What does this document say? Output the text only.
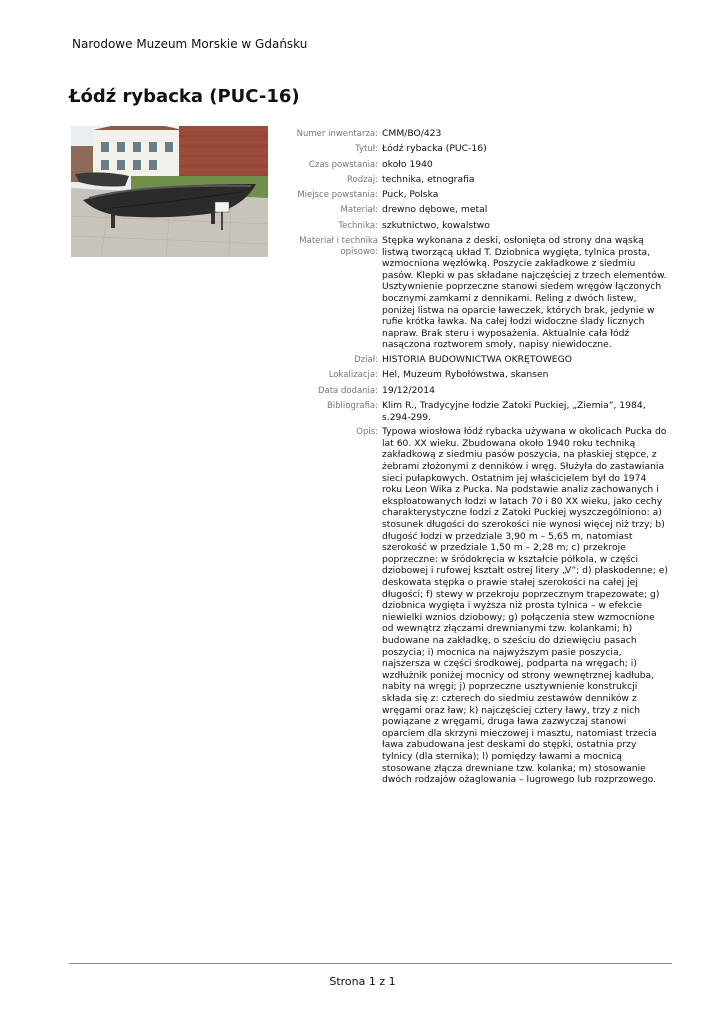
Narodowe Muzeum Morskie w Gdańsku
Łódź rybacka (PUC-16)
Numer inwentarza: CMM/BO/423
Tytuł: Łódź rybacka (PUC-16)
Czas powstania: około 1940
Rodzaj: technika, etnografia
Miejsce powstania: Puck, Polska
Materiał: drewno dębowe, metal
Technika: szkutnictwo, kowalstwo
Materiał i technika opisowo:
Stępka wykonana z deski, osłonięta od strony dna wąską listwą tworzącą układ T. Dziobnica wygięta, tylnica prosta, wzmocniona węzłówką. Poszycie zakładkowe z siedmiu pasów. Klepki w pas składane najczęściej z trzech elementów. Usztywnienie poprzeczne stanowi siedem wręgów łączonych bocznymi zamkami z dennikami. Reling z dwóch listew, poniżej listwa na oparcie ławeczek, których brak, jedynie w rufie krótka ławka. Na całej łodzi widoczne ślady licznych napraw. Brak steru i wyposażenia. Aktualnie cała łódź nasączona roztworem smoły, napisy niewidoczne.
Dział: HISTORIA BUDOWNICTWA OKRĘTOWEGO
Lokalizacja: Hel, Muzeum Rybołówstwa, skansen
Data dodania: 19/12/2014
Bibliografia: Klim R., Tradycyjne łodzie Zatoki Puckiej, „Ziemia”, 1984, s.294-299.
Opis: Typowa wiosłowa łódź rybacka używana w okolicach Pucka do lat 60. XX wieku. Zbudowana około 1940 roku techniką zakładkową z siedmiu pasów poszycia, na płaskiej stępce, z żebrami złożonymi z denników i wręg. Służyła do zastawiania sieci pułapkowych. Ostatnim jej właścicielem był do 1974 roku Leon Wika z Pucka. Na podstawie analiz zachowanych i eksploatowanych łodzi w latach 70 i 80 XX wieku, jako cechy charakterystyczne łodzi z Zatoki Puckiej wyszczególniono: a) stosunek długości do szerokości nie wynosi więcej niż trzy; b) długość łodzi w przedziale 3,90 m – 5,65 m, natomiast szerokość w przedziale 1,50 m – 2,28 m; c) przekroje poprzeczne: w śródokręcia w kształcie półkola, w części dziobowej i rufowej kształt ostrej litery „V”; d) płaskodenne; e) deskowata stępka o prawie stałej szerokości na całej jej długości; f) stewy w przekroju poprzecznym trapezowate; g) dziobnica wygięta i wyższa niż prosta tylnica – w efekcie niewielki wznios dziobowy; g) połączenia stew wzmocnione od wewnątrz złączami drewnianymi tzw. kolankami; h) budowane na zakładkę, o sześciu do dziewięciu pasach poszycia; i) mocnica na najwyższym pasie poszycia, najszersza w części środkowej, podparta na wręgach; i) wzdłużnik poniżej mocnicy od strony wewnętrznej kadłuba, nabity na wręgi; j) poprzeczne usztywnienie konstrukcji składa się z: czterech do siedmiu zestawów denników z wręgami oraz ław; k) najczęściej cztery ławy, trzy z nich powiązane z wręgami, druga ława zazwyczaj stanowi oparciem dla skrzyni mieczowej i masztu, natomiast trzecia ława zabudowana jest deskami do stępki, ostatnia przy tylnicy (dla sternika); l) pomiędzy ławami a mocnicą stosowane złącza drewniane tzw. kolanka; m) stosowanie dwóch rodzajów ożaglowania – lugrowego lub rozprzowego.
Strona 1 z 1
